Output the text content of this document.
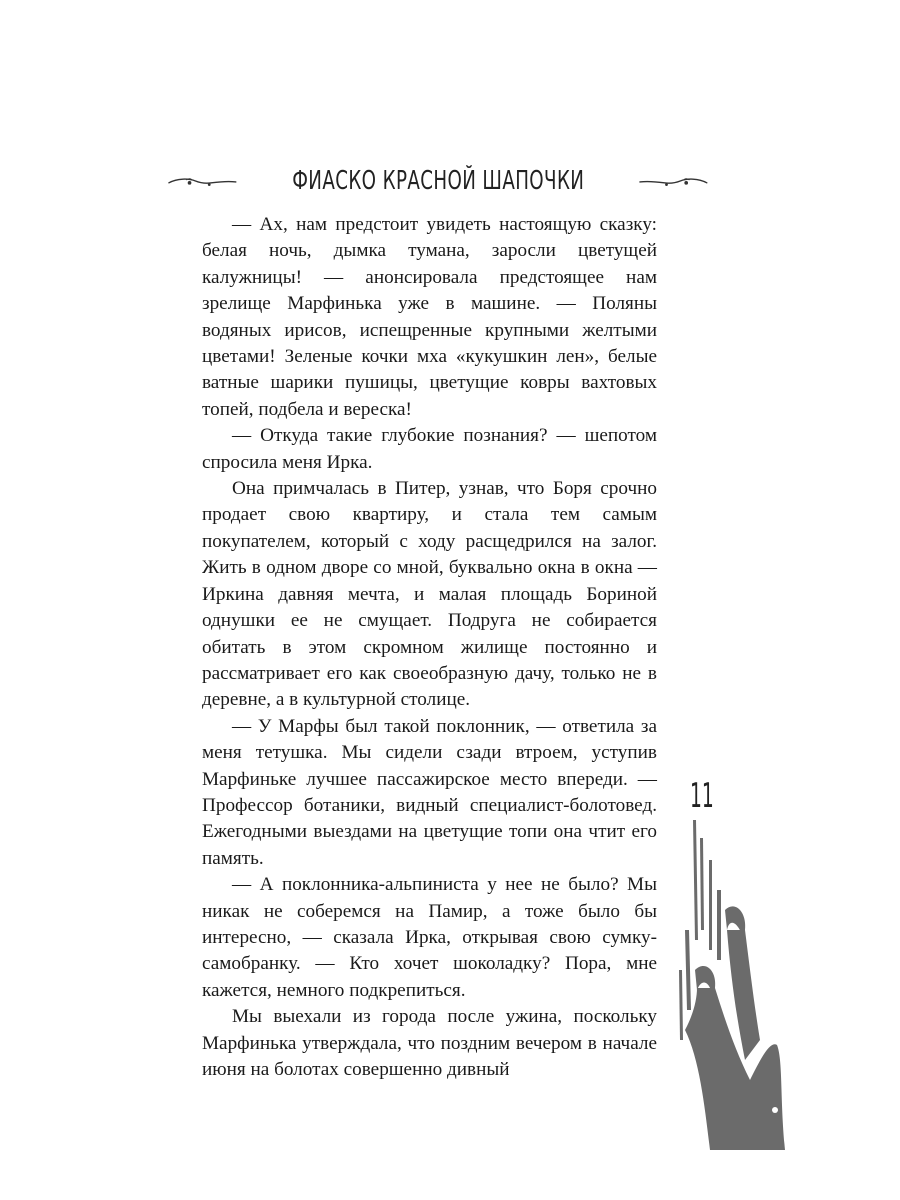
ФИАСКО КРАСНОЙ ШАПОЧКИ

— Ах, нам предстоит увидеть настоящую сказку: белая ночь, дымка тумана, заросли цветущей калужницы! — анонсировала предстоящее нам зрелище Марфинька уже в машине. — Поляны водяных ирисов, испещренные крупными желтыми цветами! Зеленые кочки мха «кукушкин лен», белые ватные шарики пушицы, цветущие ковры вахтовых топей, подбела и вереска!

— Откуда такие глубокие познания? — шепотом спросила меня Ирка.

Она примчалась в Питер, узнав, что Боря срочно продает свою квартиру, и стала тем самым покупателем, который с ходу расщедрился на залог. Жить в одном дворе со мной, буквально окна в окна — Иркина давняя мечта, и малая площадь Бориной однушки ее не смущает. Подруга не собирается обитать в этом скромном жилище постоянно и рассматривает его как своеобразную дачу, только не в деревне, а в культурной столице.

— У Марфы был такой поклонник, — ответила за меня тетушка. Мы сидели сзади втроем, уступив Марфиньке лучшее пассажирское место впереди. — Профессор ботаники, видный специалист-болотовед. Ежегодными выездами на цветущие топи она чтит его память.

— А поклонника-альпиниста у нее не было? Мы никак не соберемся на Памир, а тоже было бы интересно, — сказала Ирка, открывая свою сумку-самобранку. — Кто хочет шоколадку? Пора, мне кажется, немного подкрепиться.

Мы выехали из города после ужина, поскольку Марфинька утверждала, что поздним вечером в начале июня на болотах совершенно дивный

11
